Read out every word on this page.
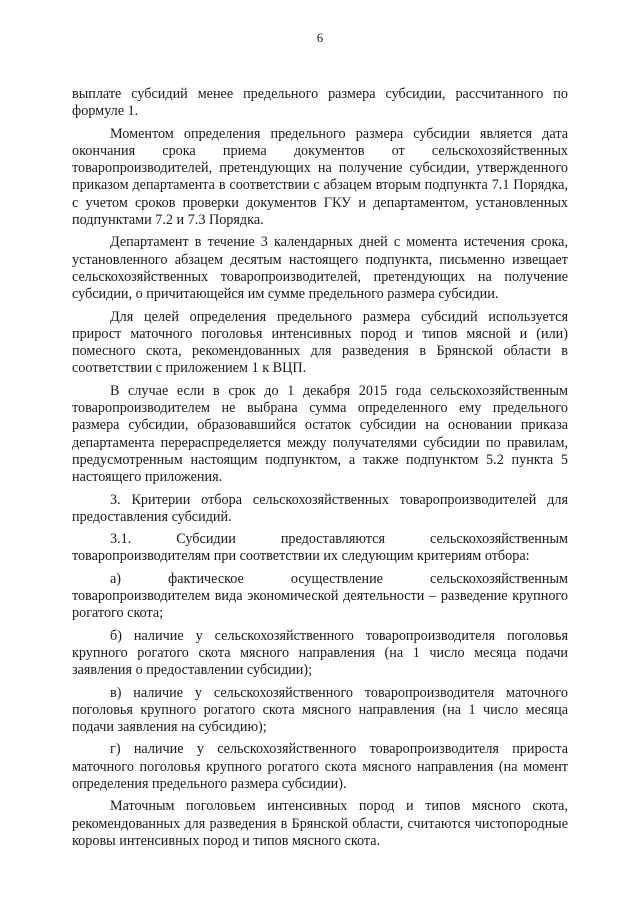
6

выплате субсидий менее предельного размера субсидии, рассчитанного по формуле 1.

Моментом определения предельного размера субсидии является дата окончания срока приема документов от сельскохозяйственных товаропроизводителей, претендующих на получение субсидии, утвержденного приказом департамента в соответствии с абзацем вторым подпункта 7.1 Порядка, с учетом сроков проверки документов ГКУ и департаментом, установленных подпунктами 7.2 и 7.3 Порядка.

Департамент в течение 3 календарных дней с момента истечения срока, установленного абзацем десятым настоящего подпункта, письменно извещает сельскохозяйственных товаропроизводителей, претендующих на получение субсидии, о причитающейся им сумме предельного размера субсидии.

Для целей определения предельного размера субсидий используется прирост маточного поголовья интенсивных пород и типов мясной и (или) помесного скота, рекомендованных для разведения в Брянской области в соответствии с приложением 1 к ВЦП.

В случае если в срок до 1 декабря 2015 года сельскохозяйственным товаропроизводителем не выбрана сумма определенного ему предельного размера субсидии, образовавшийся остаток субсидии на основании приказа департамента перераспределяется между получателями субсидии по правилам, предусмотренным настоящим подпунктом, а также подпунктом 5.2 пункта 5 настоящего приложения.

3. Критерии отбора сельскохозяйственных товаропроизводителей для предоставления субсидий.

3.1. Субсидии предоставляются сельскохозяйственным товаропроизводителям при соответствии их следующим критериям отбора:

а) фактическое осуществление сельскохозяйственным товаропроизводителем вида экономической деятельности – разведение крупного рогатого скота;

б) наличие у сельскохозяйственного товаропроизводителя поголовья крупного рогатого скота мясного направления (на 1 число месяца подачи заявления о предоставлении субсидии);

в) наличие у сельскохозяйственного товаропроизводителя маточного поголовья крупного рогатого скота мясного направления (на 1 число месяца подачи заявления на субсидию);

г) наличие у сельскохозяйственного товаропроизводителя прироста маточного поголовья крупного рогатого скота мясного направления (на момент определения предельного размера субсидии).

Маточным поголовьем интенсивных пород и типов мясного скота, рекомендованных для разведения в Брянской области, считаются чистопородные коровы интенсивных пород и типов мясного скота.
